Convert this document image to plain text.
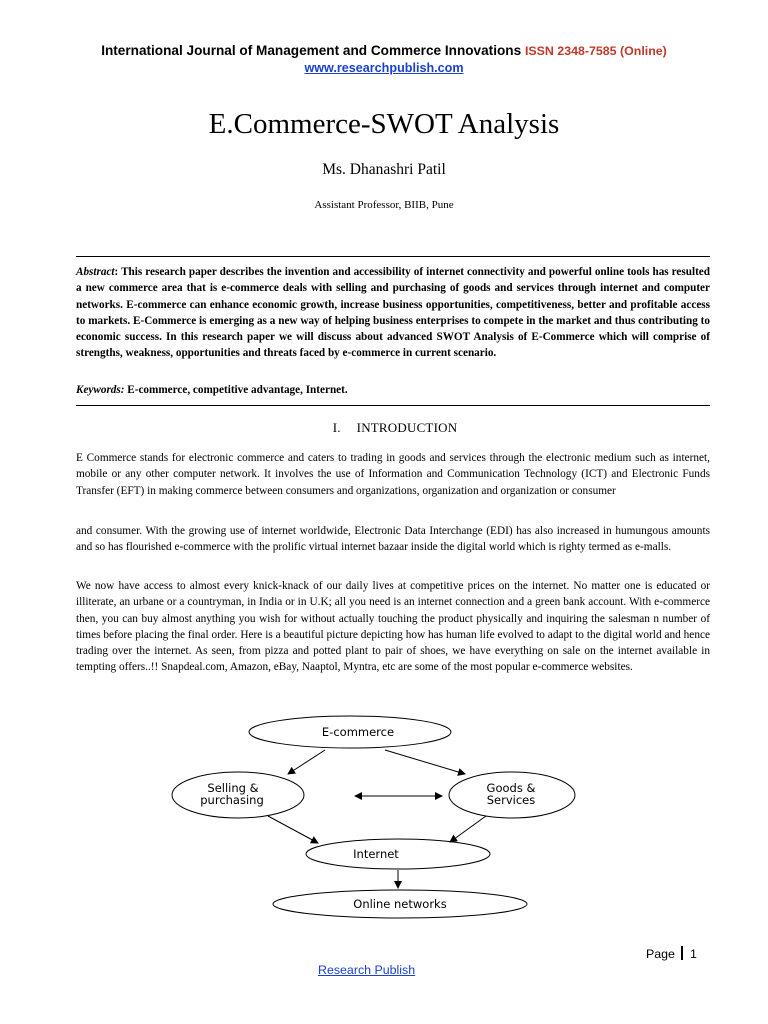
International Journal of Management and Commerce Innovations ISSN 2348-7585 (Online)
www.researchpublish.com
E.Commerce-SWOT Analysis
Ms. Dhanashri Patil
Assistant Professor, BIIB, Pune
Abstract: This research paper describes the invention and accessibility of internet connectivity and powerful online tools has resulted a new commerce area that is e-commerce deals with selling and purchasing of goods and services through internet and computer networks. E-commerce can enhance economic growth, increase business opportunities, competitiveness, better and profitable access to markets. E-Commerce is emerging as a new way of helping business enterprises to compete in the market and thus contributing to economic success. In this research paper we will discuss about advanced SWOT Analysis of E-Commerce which will comprise of strengths, weakness, opportunities and threats faced by e-commerce in current scenario.
Keywords: E-commerce, competitive advantage, Internet.
I. INTRODUCTION

E Commerce stands for electronic commerce and caters to trading in goods and services through the electronic medium such as internet, mobile or any other computer network. It involves the use of Information and Communication Technology (ICT) and Electronic Funds Transfer (EFT) in making commerce between consumers and organizations, organization and organization or consumer

and consumer. With the growing use of internet worldwide, Electronic Data Interchange (EDI) has also increased in humungous amounts and so has flourished e-commerce with the prolific virtual internet bazaar inside the digital world which is righty termed as e-malls.

We now have access to almost every knick-knack of our daily lives at competitive prices on the internet. No matter one is educated or illiterate, an urbane or a countryman, in India or in U.K; all you need is an internet connection and a green bank account. With e-commerce then, you can buy almost anything you wish for without actually touching the product physically and inquiring the salesman n number of times before placing the final order. Here is a beautiful picture depicting how has human life evolved to adapt to the digital world and hence trading over the internet. As seen, from pizza and potted plant to pair of shoes, we have everything on sale on the internet available in tempting offers..!! Snapdeal.com, Amazon, eBay, Naaptol, Myntra, etc are some of the most popular e-commerce websites.

E-commerce
Selling &
purchasing
Goods &
Services
Internet
Online networks
Page 1
Research Publish
